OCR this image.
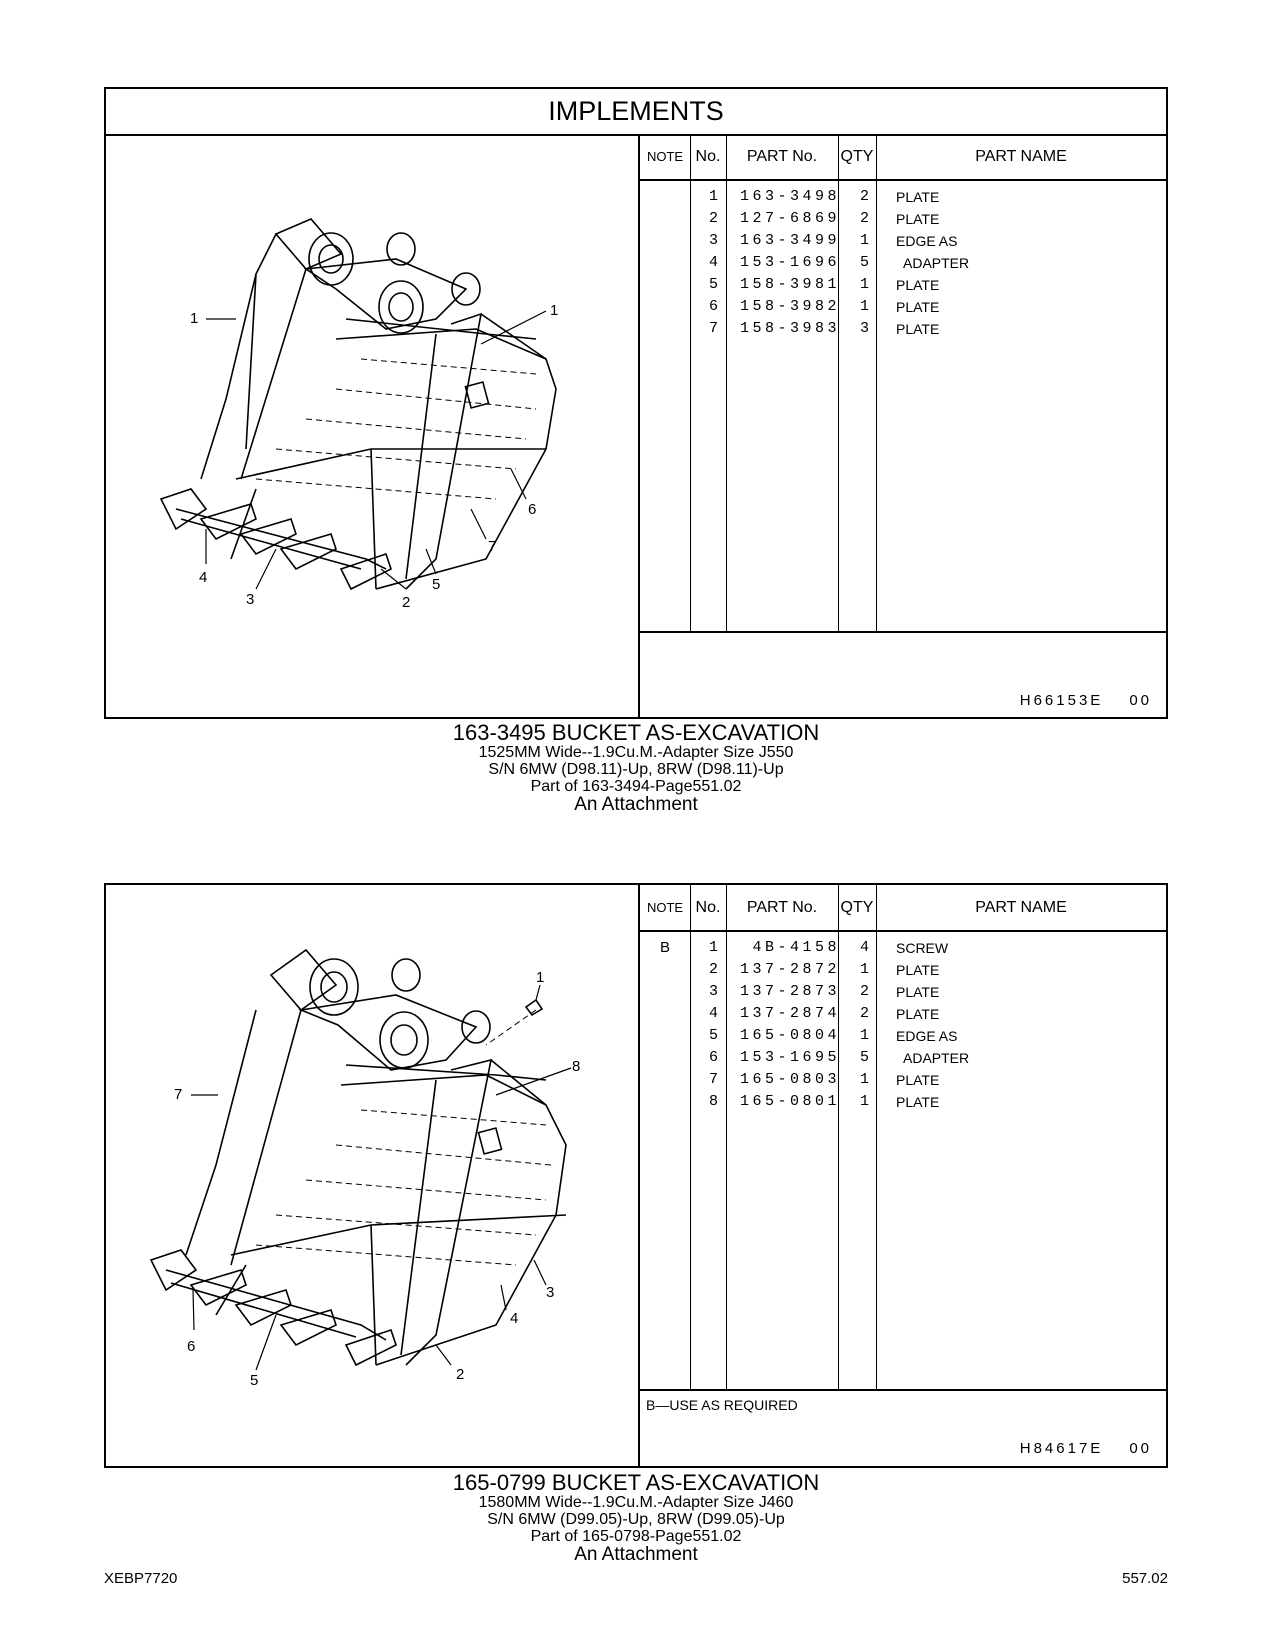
IMPLEMENTS
1	1
6
7
5
4
3	2
NOTE No.	PART No.	QTY	PART NAME
1	163-3498	2 PLATE
2	127-6869	2 PLATE
3	163-3499	1 EDGE AS
4	153-1696	5 ADAPTER
5	158-3981	1 PLATE
6	158-3982	1 PLATE
7	158-3983	3 PLATE
H66153E 00
163-3495 BUCKET AS-EXCAVATION
1525MM Wide--1.9Cu.M.-Adapter Size J550
S/N 6MW (D98.11)-Up, 8RW (D98.11)-Up
Part of 163-3494-Page551.02
An Attachment
1
8
7
3
4
6
5	2
NOTE No.	PART No.	QTY	PART NAME
B	1	4B-4158	4 SCREW
2	137-2872	1 PLATE
3	137-2873	2 PLATE
4	137-2874	2 PLATE
5	165-0804	1 EDGE AS
6	153-1695	5 ADAPTER
7	165-0803	1 PLATE
8	165-0801	1 PLATE
B—USE AS REQUIRED
H84617E 00
165-0799 BUCKET AS-EXCAVATION
1580MM Wide--1.9Cu.M.-Adapter Size J460
S/N 6MW (D99.05)-Up, 8RW (D99.05)-Up
Part of 165-0798-Page551.02
An Attachment
XEBP7720	557.02
